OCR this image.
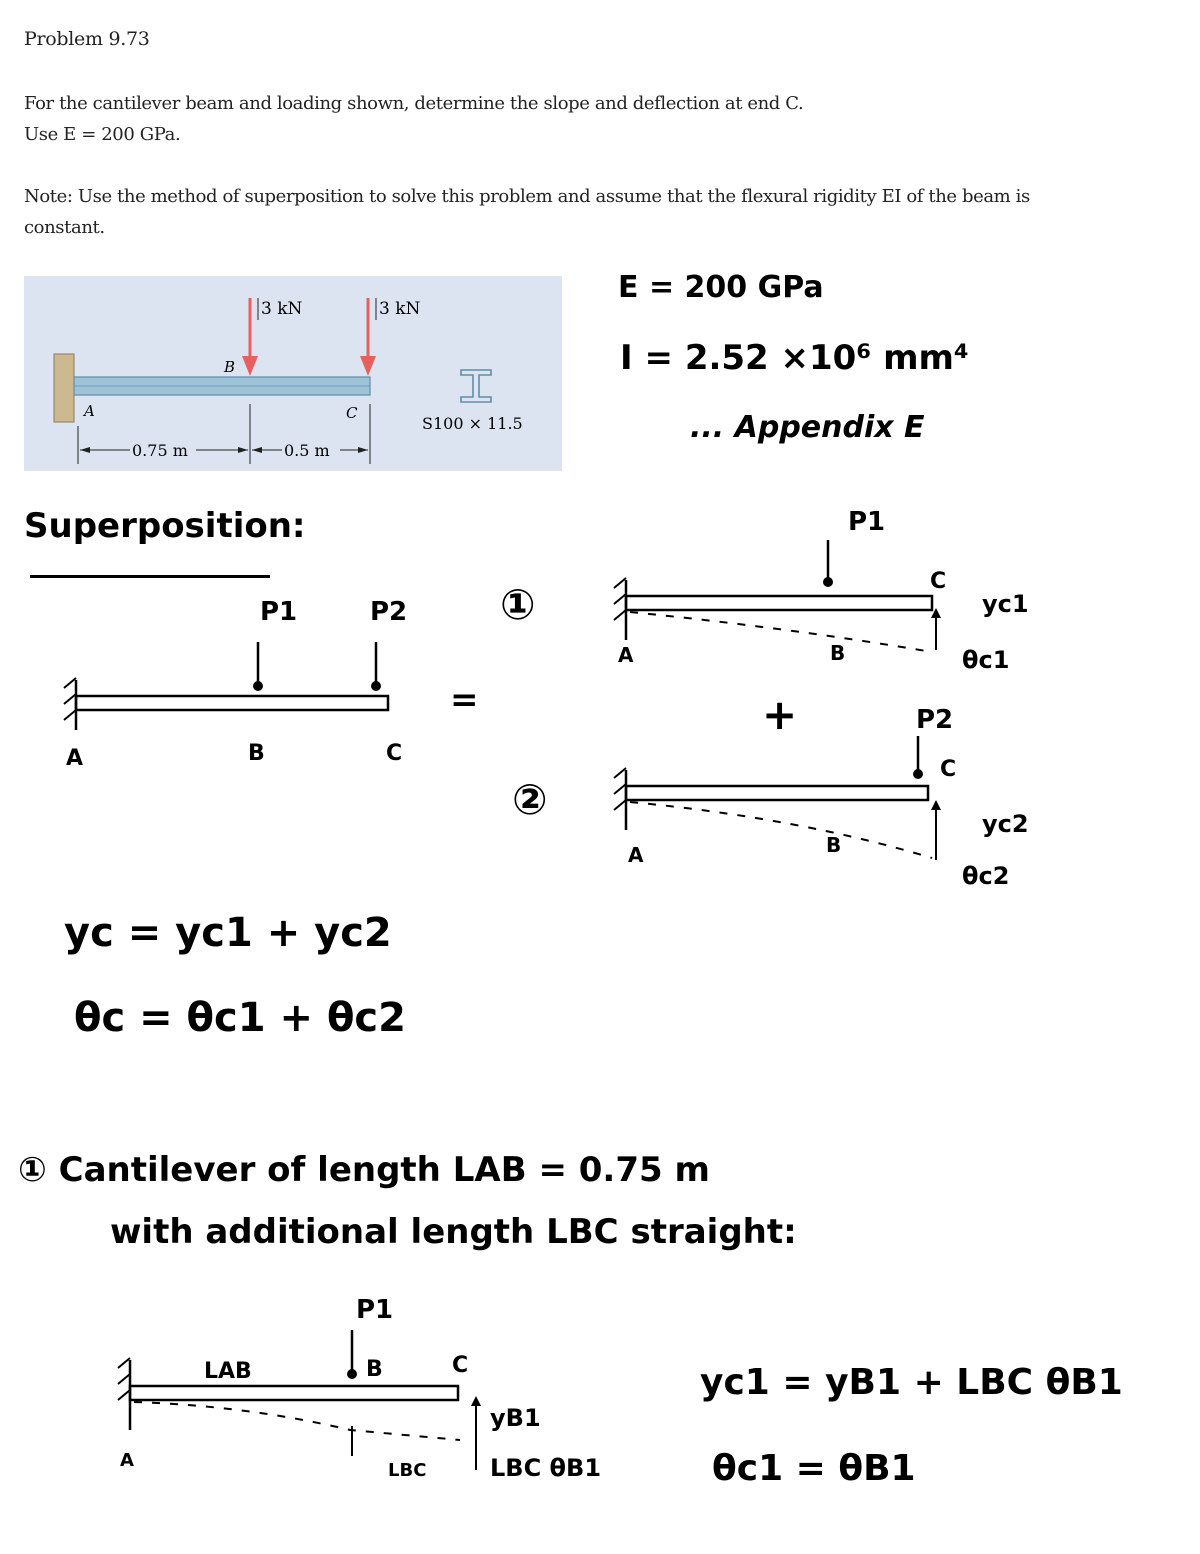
Problem 9.73
For the cantilever beam and loading shown, determine the slope and deflection at end C.
Use E = 200 GPa.
Note: Use the method of superposition to solve this problem and assume that the flexural rigidity EI of the beam is
constant.
3 kN	3 kN
B
A	C
0.75 m	0.5 m
S100 × 11.5
E = 200 GPa
I = 2.52 ×10⁶ mm⁴
... Appendix E
Superposition:
P1	P2
A	B	C
=
①
P1
C
yc1
θc1
A	B
+
②
P2
C
yc2
θc2
A	B
yc = yc1 + yc2
θc = θc1 + θc2
① Cantilever of length LAB = 0.75 m
with additional length LBC straight:
P1
LAB	B	C
yB1
LBC	LBC θB1
A
yc1 = yB1 + LBC θB1
θc1 = θB1
